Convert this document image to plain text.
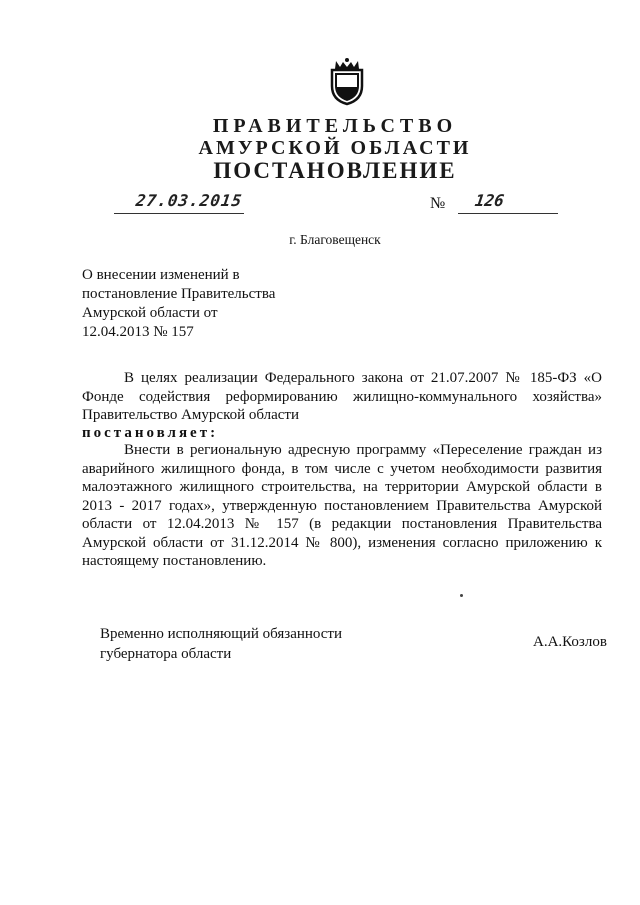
ПРАВИТЕЛЬСТВО
АМУРСКОЙ ОБЛАСТИ
ПОСТАНОВЛЕНИЕ
27.03.2015	№ 126
г. Благовещенск
О внесении изменений в
постановление Правительства
Амурской области от
12.04.2013 № 157
В целях реализации Федерального закона от 21.07.2007 № 185-ФЗ «О Фонде содействия реформированию жилищно-коммунального хозяйства» Правительство Амурской области
постановляет:
Внести в региональную адресную программу «Переселение граждан из аварийного жилищного фонда, в том числе с учетом необходимости развития малоэтажного жилищного строительства, на территории Амурской области в 2013 - 2017 годах», утвержденную постановлением Правительства Амурской области от 12.04.2013 № 157 (в редакции постановления Правительства Амурской области от 31.12.2014 № 800), изменения согласно приложению к настоящему постановлению.
Временно исполняющий обязанности
губернатора области
А.А.Козлов
